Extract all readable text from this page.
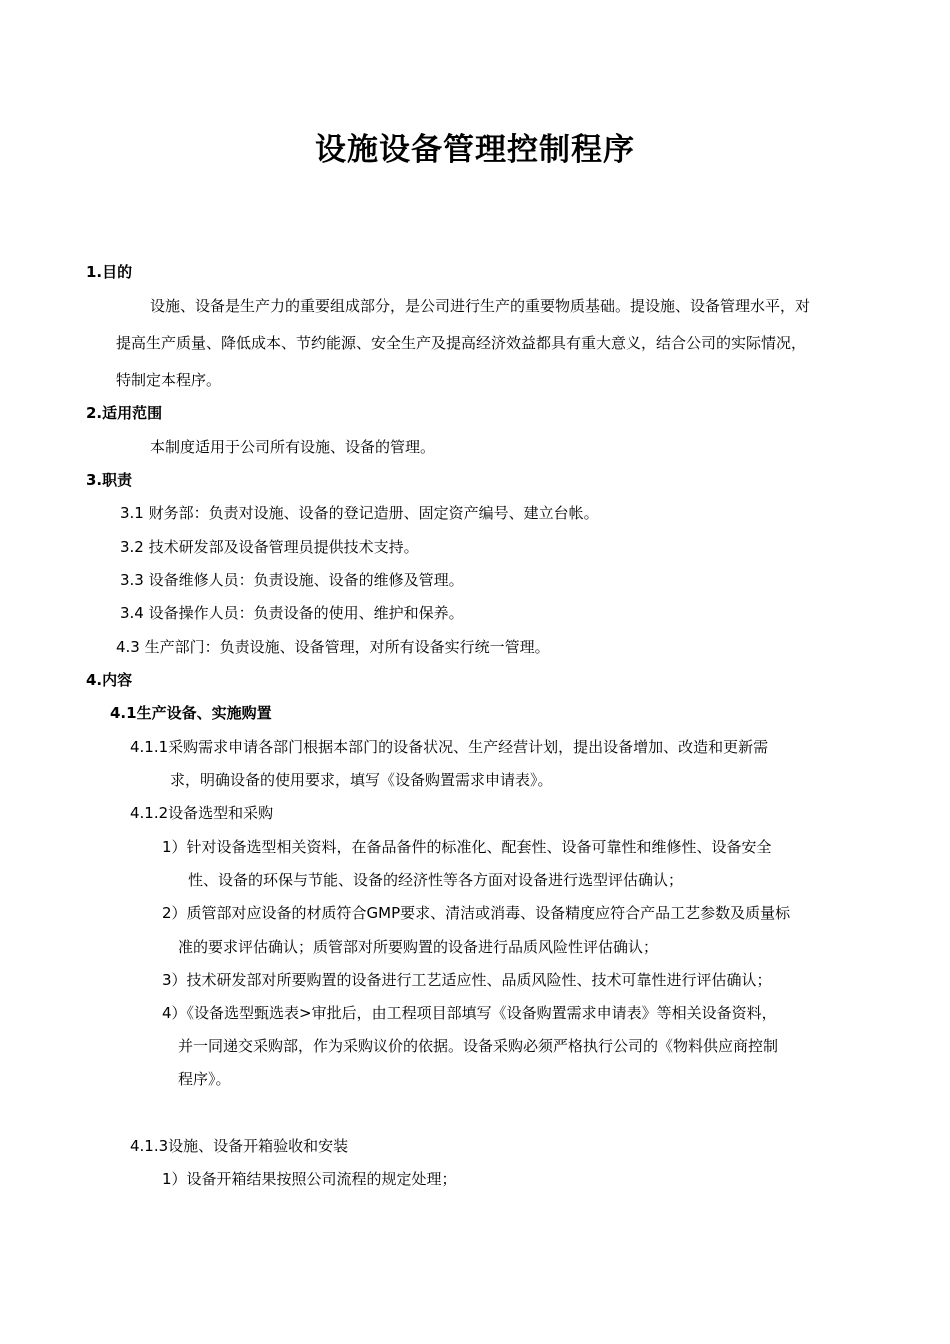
设施设备管理控制程序
1.目的
设施、设备是生产力的重要组成部分，是公司进行生产的重要物质基础。提设施、设备管理水平，对
提高生产质量、降低成本、节约能源、安全生产及提高经济效益都具有重大意义，结合公司的实际情况，
特制定本程序。
2.适用范围
本制度适用于公司所有设施、设备的管理。
3.职责
3.1 财务部：负责对设施、设备的登记造册、固定资产编号、建立台帐。
3.2 技术研发部及设备管理员提供技术支持。
3.3 设备维修人员：负责设施、设备的维修及管理。
3.4 设备操作人员：负责设备的使用、维护和保养。
4.3 生产部门：负责设施、设备管理，对所有设备实行统一管理。
4.内容
4.1生产设备、实施购置
4.1.1采购需求申请各部门根据本部门的设备状况、生产经营计划，提出设备增加、改造和更新需
求，明确设备的使用要求，填写《设备购置需求申请表》。
4.1.2设备选型和采购
1）针对设备选型相关资料，在备品备件的标准化、配套性、设备可靠性和维修性、设备安全
性、设备的环保与节能、设备的经济性等各方面对设备进行选型评估确认；
2）质管部对应设备的材质符合GMP要求、清洁或消毒、设备精度应符合产品工艺参数及质量标
准的要求评估确认；质管部对所要购置的设备进行品质风险性评估确认；
3）技术研发部对所要购置的设备进行工艺适应性、品质风险性、技术可靠性进行评估确认；
4）《设备选型甄选表>审批后，由工程项目部填写《设备购置需求申请表》等相关设备资料，
并一同递交采购部，作为采购议价的依据。设备采购必须严格执行公司的《物料供应商控制
程序》。
4.1.3设施、设备开箱验收和安装
1）设备开箱结果按照公司流程的规定处理；
